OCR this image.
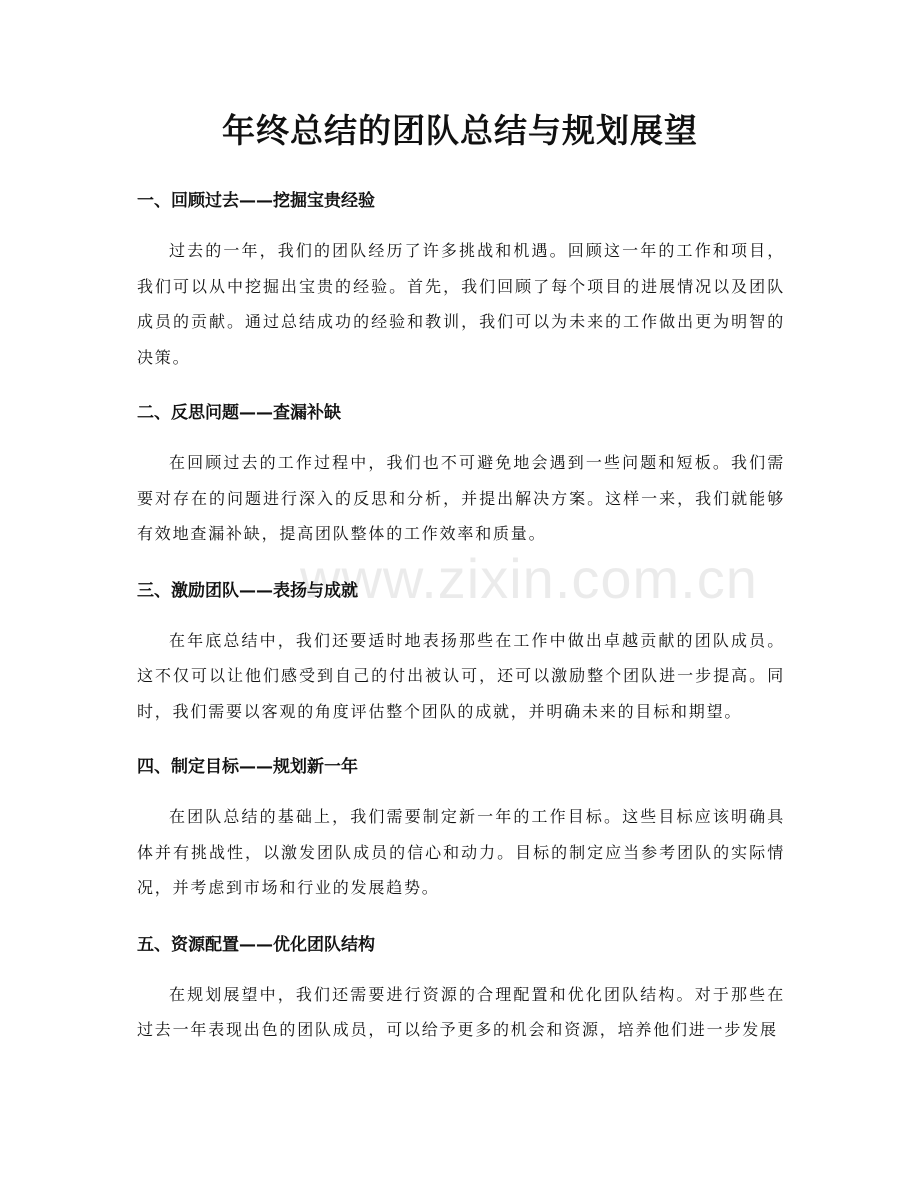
年终总结的团队总结与规划展望
www.zixin.com.cn
一、回顾过去——挖掘宝贵经验

过去的一年，我们的团队经历了许多挑战和机遇。回顾这一年的工作和项目，我们可以从中挖掘出宝贵的经验。首先，我们回顾了每个项目的进展情况以及团队成员的贡献。通过总结成功的经验和教训，我们可以为未来的工作做出更为明智的决策。

二、反思问题——查漏补缺

在回顾过去的工作过程中，我们也不可避免地会遇到一些问题和短板。我们需要对存在的问题进行深入的反思和分析，并提出解决方案。这样一来，我们就能够有效地查漏补缺，提高团队整体的工作效率和质量。

三、激励团队——表扬与成就

在年底总结中，我们还要适时地表扬那些在工作中做出卓越贡献的团队成员。这不仅可以让他们感受到自己的付出被认可，还可以激励整个团队进一步提高。同时，我们需要以客观的角度评估整个团队的成就，并明确未来的目标和期望。

四、制定目标——规划新一年

在团队总结的基础上，我们需要制定新一年的工作目标。这些目标应该明确具体并有挑战性，以激发团队成员的信心和动力。目标的制定应当参考团队的实际情况，并考虑到市场和行业的发展趋势。

五、资源配置——优化团队结构

在规划展望中，我们还需要进行资源的合理配置和优化团队结构。对于那些在过去一年表现出色的团队成员，可以给予更多的机会和资源，培养他们进一步发展
